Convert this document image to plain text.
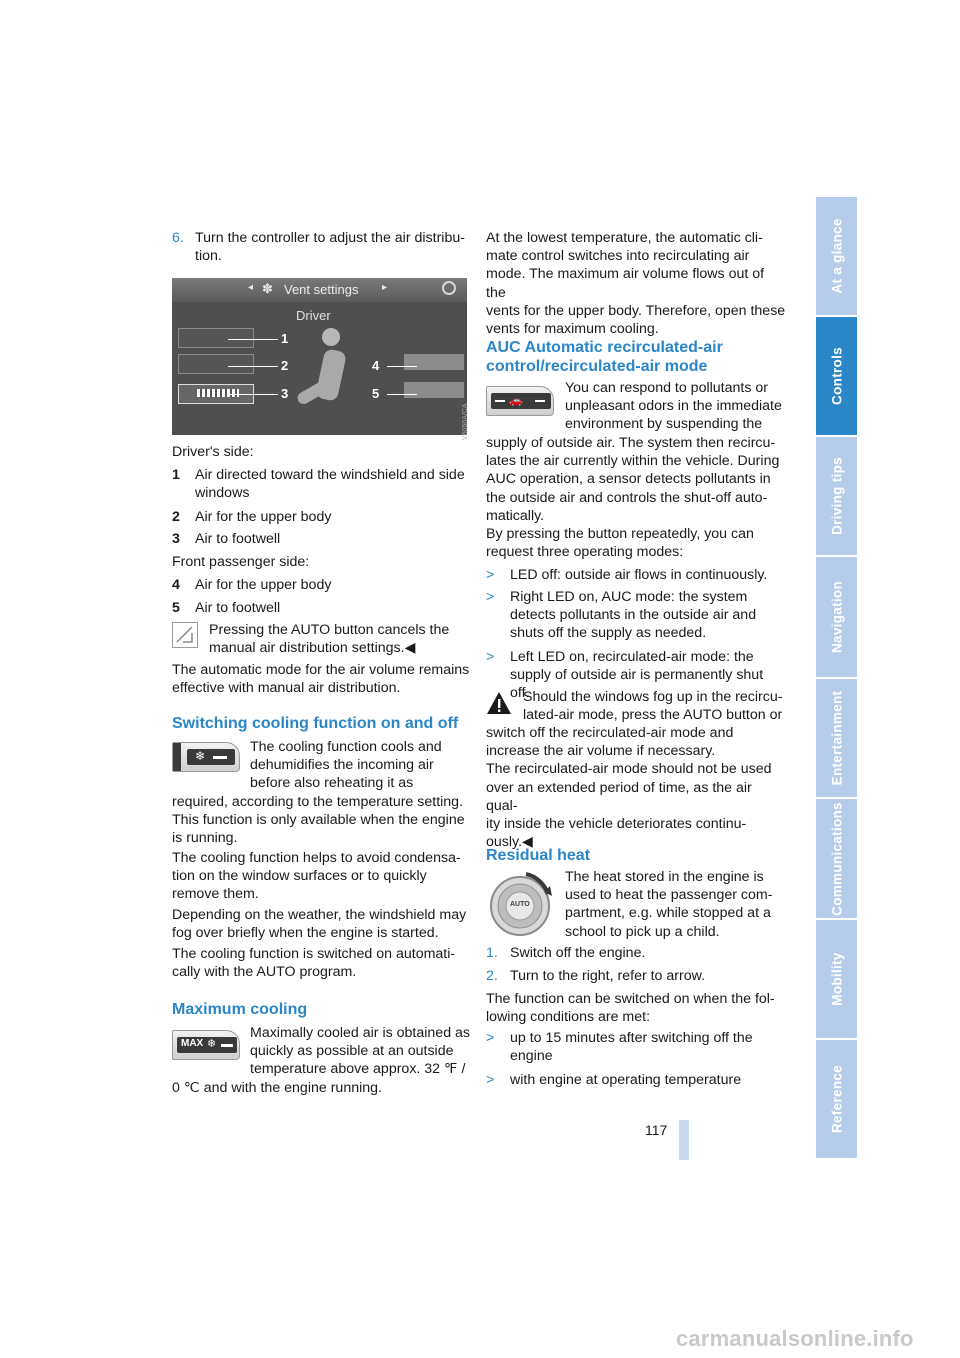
At a glance
Controls
Driving tips
Navigation
Entertainment
Communications
Mobility
Reference
117
carmanualsonline.info
6. Turn the controller to adjust the air distribu-
tion.
◂ ✽ Vent settings ▸
Driver
1
2
3
4
5
V6050A/CA
Driver's side:
1 Air directed toward the windshield and side
windows
2 Air for the upper body
3 Air to footwell
Front passenger side:
4 Air for the upper body
5 Air to footwell
Pressing the AUTO button cancels the
manual air distribution settings.◀
The automatic mode for the air volume remains
effective with manual air distribution.
Switching cooling function on and off
❄
The cooling function cools and
dehumidifies the incoming air
before also reheating it as
required, according to the temperature setting.
This function is only available when the engine
is running.
The cooling function helps to avoid condensa-
tion on the window surfaces or to quickly
remove them.
Depending on the weather, the windshield may
fog over briefly when the engine is started.
The cooling function is switched on automati-
cally with the AUTO program.
Maximum cooling
MAX ❄
Maximally cooled air is obtained as
quickly as possible at an outside
temperature above approx. 32 ℉ /
0 ℃ and with the engine running.
At the lowest temperature, the automatic cli-
mate control switches into recirculating air
mode. The maximum air volume flows out of the
vents for the upper body. Therefore, open these
vents for maximum cooling.
AUC Automatic recirculated-air
control/recirculated-air mode
🚗
You can respond to pollutants or
unpleasant odors in the immediate
environment by suspending the
supply of outside air. The system then recircu-
lates the air currently within the vehicle. During
AUC operation, a sensor detects pollutants in
the outside air and controls the shut-off auto-
matically.
By pressing the button repeatedly, you can
request three operating modes:
> LED off: outside air flows in continuously.
> Right LED on, AUC mode: the system
detects pollutants in the outside air and
shuts off the supply as needed.
> Left LED on, recirculated-air mode: the
supply of outside air is permanently shut off.
Should the windows fog up in the recircu-
lated-air mode, press the AUTO button or
switch off the recirculated-air mode and
increase the air volume if necessary.
The recirculated-air mode should not be used
over an extended period of time, as the air qual-
ity inside the vehicle deteriorates continu-
ously.◀
Residual heat
AUTO
The heat stored in the engine is
used to heat the passenger com-
partment, e.g. while stopped at a
school to pick up a child.
1. Switch off the engine.
2. Turn to the right, refer to arrow.
The function can be switched on when the fol-
lowing conditions are met:
> up to 15 minutes after switching off the
engine
> with engine at operating temperature
